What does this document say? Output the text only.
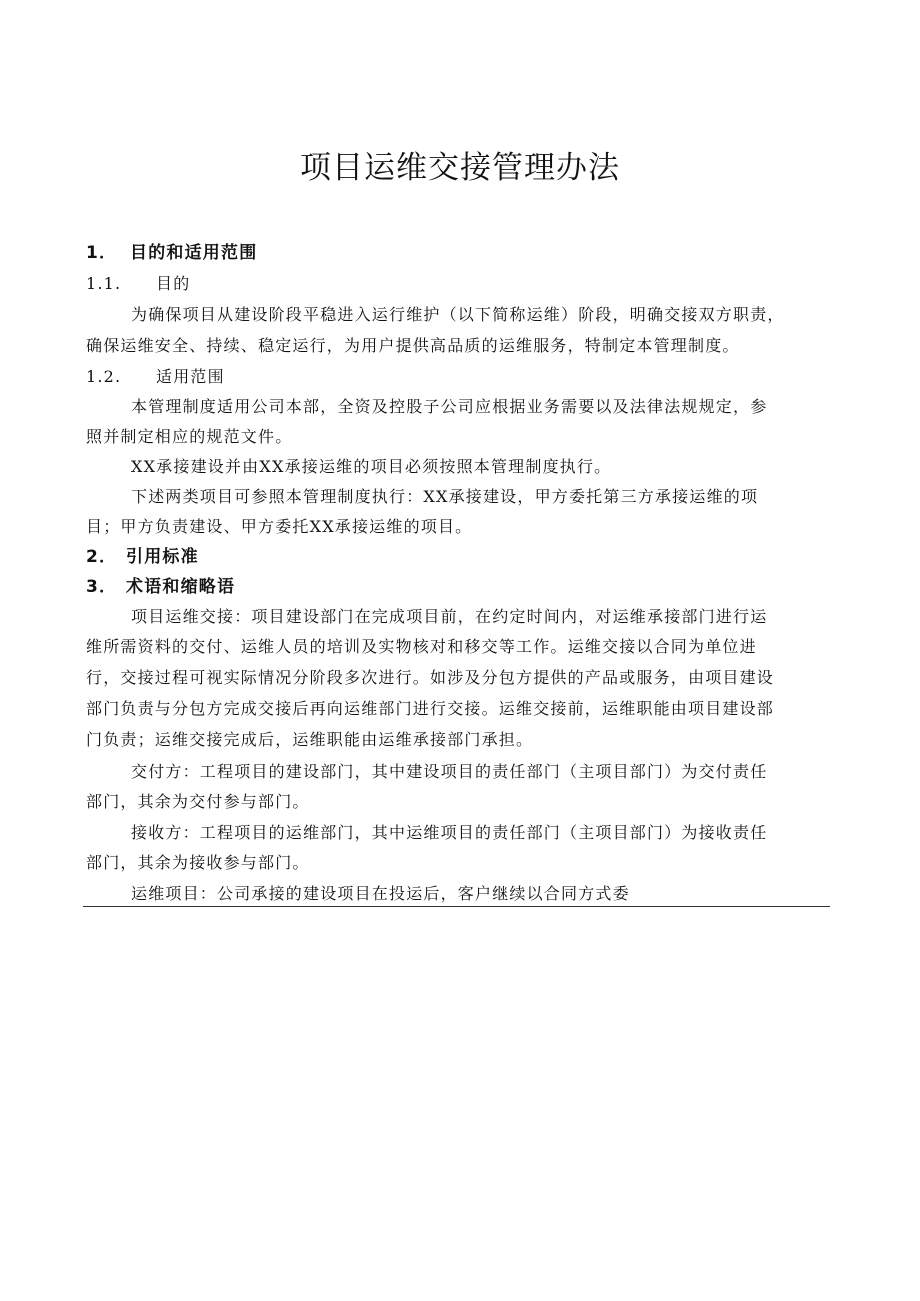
项目运维交接管理办法
1． 目的和适用范围
1.1. 目的
为确保项目从建设阶段平稳进入运行维护（以下简称运维）阶段，明确交接双方职责，
确保运维安全、持续、稳定运行，为用户提供高品质的运维服务，特制定本管理制度。
1.2. 适用范围
本管理制度适用公司本部，全资及控股子公司应根据业务需要以及法律法规规定，参
照并制定相应的规范文件。
XX承接建设并由XX承接运维的项目必须按照本管理制度执行。
下述两类项目可参照本管理制度执行：XX承接建设，甲方委托第三方承接运维的项
目；甲方负责建设、甲方委托XX承接运维的项目。
2． 引用标准
3． 术语和缩略语
项目运维交接：项目建设部门在完成项目前，在约定时间内，对运维承接部门进行运
维所需资料的交付、运维人员的培训及实物核对和移交等工作。运维交接以合同为单位进
行，交接过程可视实际情况分阶段多次进行。如涉及分包方提供的产品或服务，由项目建设
部门负责与分包方完成交接后再向运维部门进行交接。运维交接前，运维职能由项目建设部
门负责；运维交接完成后，运维职能由运维承接部门承担。
交付方：工程项目的建设部门，其中建设项目的责任部门（主项目部门）为交付责任
部门，其余为交付参与部门。
接收方：工程项目的运维部门，其中运维项目的责任部门（主项目部门）为接收责任
部门，其余为接收参与部门。
运维项目：公司承接的建设项目在投运后，客户继续以合同方式委
